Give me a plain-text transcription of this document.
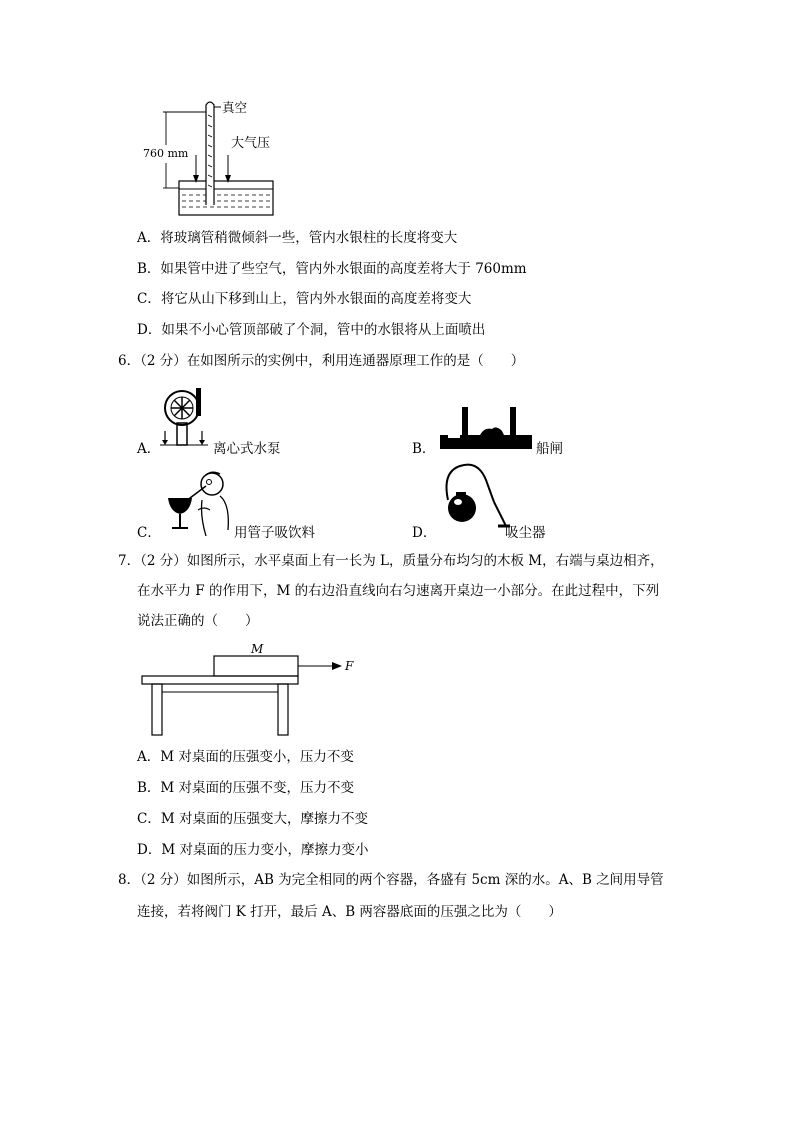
真空
大气压
760 mm
A．将玻璃管稍微倾斜一些，管内水银柱的长度将变大
B．如果管中进了些空气，管内外水银面的高度差将大于 760mm
C．将它从山下移到山上，管内外水银面的高度差将变大
D．如果不小心管顶部破了个洞，管中的水银将从上面喷出
6．（2 分）在如图所示的实例中，利用连通器原理工作的是（　　）
A．	离心式水泵	B．	船闸
C．	用管子吸饮料	D．	吸尘器
7．（2 分）如图所示，水平桌面上有一长为 L，质量分布均匀的木板 M，右端与桌边相齐，
在水平力 F 的作用下，M 的右边沿直线向右匀速离开桌边一小部分。在此过程中，下列
说法正确的（　　）
M
F
A．M 对桌面的压强变小，压力不变
B．M 对桌面的压强不变，压力不变
C．M 对桌面的压强变大，摩擦力不变
D．M 对桌面的压力变小，摩擦力变小
8．（2 分）如图所示，AB 为完全相同的两个容器，各盛有 5cm 深的水。A、B 之间用导管
连接，若将阀门 K 打开，最后 A、B 两容器底面的压强之比为（　　）
